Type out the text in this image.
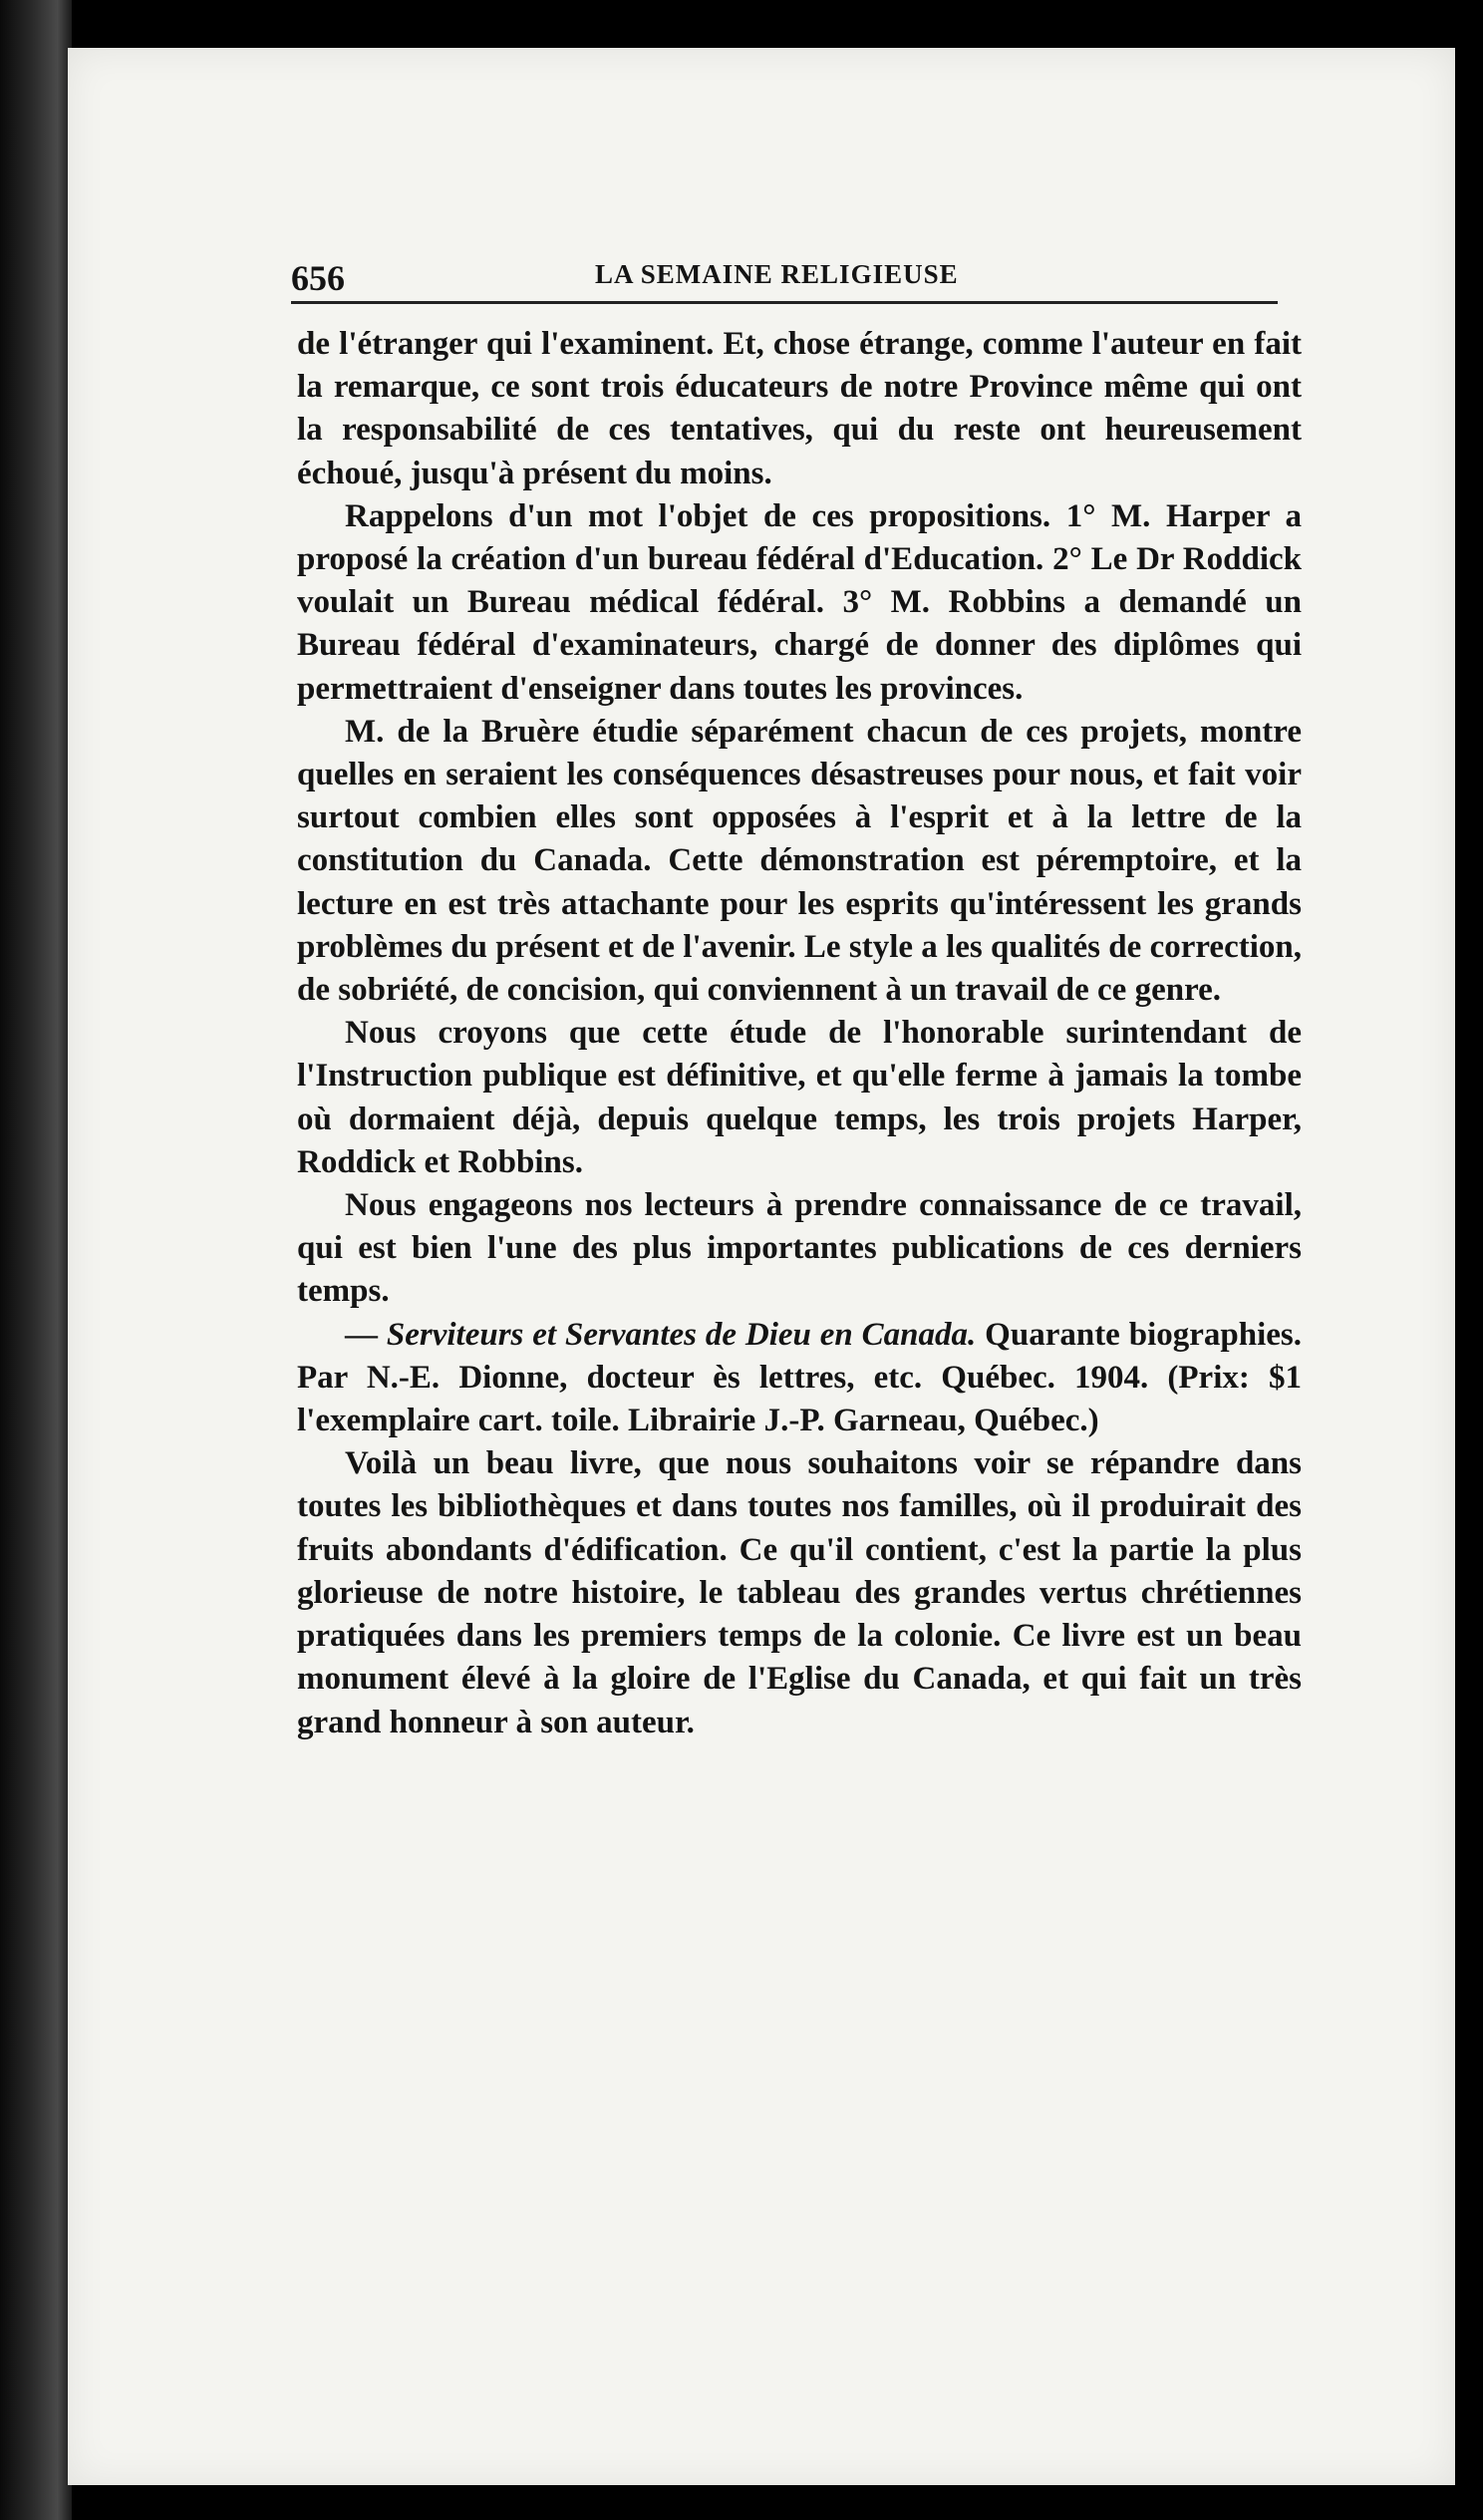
656	LA SEMAINE RELIGIEUSE

de l'étranger qui l'examinent. Et, chose étrange, comme l'auteur en fait la remarque, ce sont trois éducateurs de notre Province même qui ont la responsabilité de ces tentatives, qui du reste ont heureusement échoué, jusqu'à présent du moins.

Rappelons d'un mot l'objet de ces propositions. 1° M. Harper a proposé la création d'un bureau fédéral d'Education. 2° Le Dr Roddick voulait un Bureau médical fédéral. 3° M. Robbins a demandé un Bureau fédéral d'examinateurs, chargé de donner des diplômes qui permettraient d'enseigner dans toutes les provinces.

M. de la Bruère étudie séparément chacun de ces projets, montre quelles en seraient les conséquences désastreuses pour nous, et fait voir surtout combien elles sont opposées à l'esprit et à la lettre de la constitution du Canada. Cette démonstration est péremptoire, et la lecture en est très attachante pour les esprits qu'intéressent les grands problèmes du présent et de l'avenir. Le style a les qualités de correction, de sobriété, de concision, qui conviennent à un travail de ce genre.

Nous croyons que cette étude de l'honorable surintendant de l'Instruction publique est définitive, et qu'elle ferme à jamais la tombe où dormaient déjà, depuis quelque temps, les trois projets Harper, Roddick et Robbins.

Nous engageons nos lecteurs à prendre connaissance de ce travail, qui est bien l'une des plus importantes publications de ces derniers temps.

— Serviteurs et Servantes de Dieu en Canada. Quarante biographies. Par N.-E. Dionne, docteur ès lettres, etc. Québec. 1904. (Prix: $1 l'exemplaire cart. toile. Librairie J.-P. Garneau, Québec.)

Voilà un beau livre, que nous souhaitons voir se répandre dans toutes les bibliothèques et dans toutes nos familles, où il produirait des fruits abondants d'édification. Ce qu'il contient, c'est la partie la plus glorieuse de notre histoire, le tableau des grandes vertus chrétiennes pratiquées dans les premiers temps de la colonie. Ce livre est un beau monument élevé à la gloire de l'Eglise du Canada, et qui fait un très grand honneur à son auteur.
